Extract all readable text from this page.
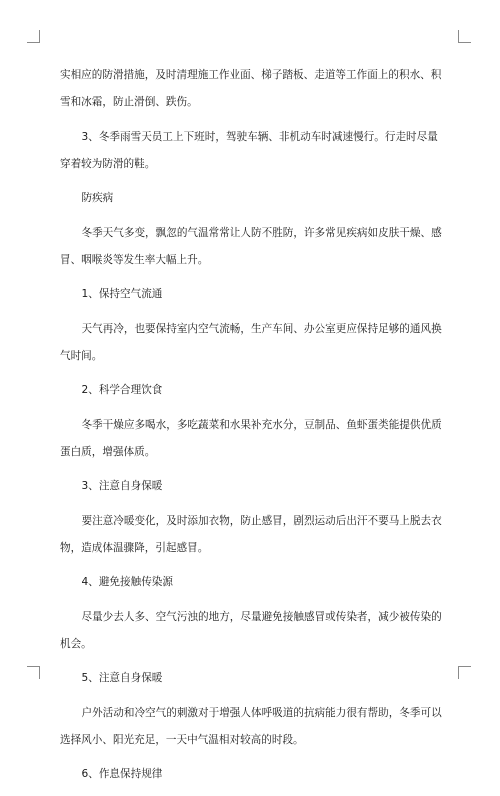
实相应的防滑措施，及时清理施工作业面、梯子踏板、走道等工作面上的积水、积雪和冰霜，防止滑倒、跌伤。

3、冬季雨雪天员工上下班时，驾驶车辆、非机动车时减速慢行。行走时尽量穿着较为防滑的鞋。

防疾病

冬季天气多变，飘忽的气温常常让人防不胜防，许多常见疾病如皮肤干燥、感冒、咽喉炎等发生率大幅上升。

1、保持空气流通

天气再冷，也要保持室内空气流畅，生产车间、办公室更应保持足够的通风换气时间。

2、科学合理饮食

冬季干燥应多喝水，多吃蔬菜和水果补充水分，豆制品、鱼虾蛋类能提供优质蛋白质，增强体质。

3、注意自身保暖

要注意冷暖变化，及时添加衣物，防止感冒，剧烈运动后出汗不要马上脱去衣物，造成体温骤降，引起感冒。

4、避免接触传染源

尽量少去人多、空气污浊的地方，尽量避免接触感冒或传染者，减少被传染的机会。

5、注意自身保暖

户外活动和冷空气的刺激对于增强人体呼吸道的抗病能力很有帮助，冬季可以选择风小、阳光充足，一天中气温相对较高的时段。

6、作息保持规律
